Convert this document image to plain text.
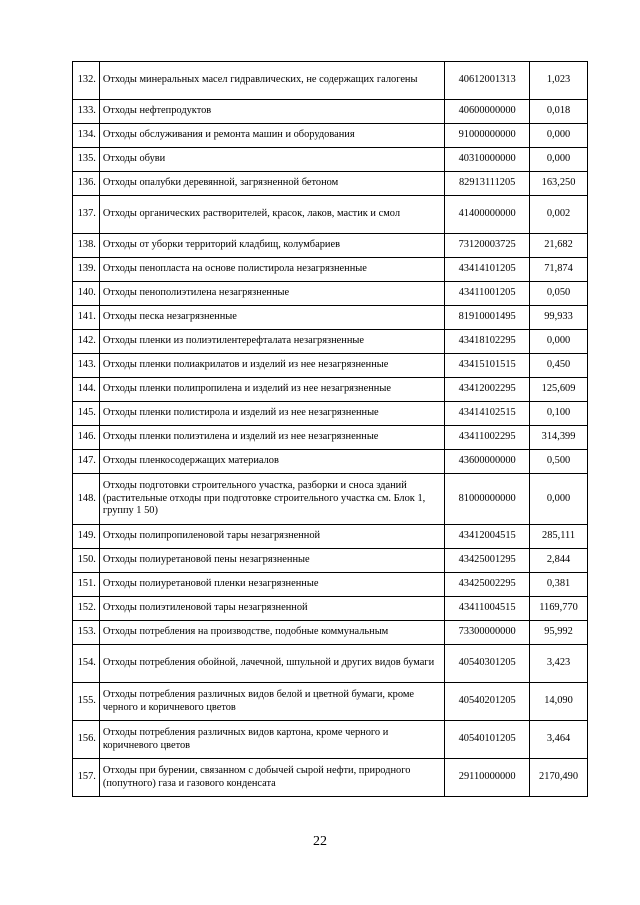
132.	Отходы минеральных масел гидравлических, не содержащих галогены	40612001313	1,023
133.	Отходы нефтепродуктов	40600000000	0,018
134.	Отходы обслуживания и ремонта машин и оборудования	91000000000	0,000
135.	Отходы обуви	40310000000	0,000
136.	Отходы опалубки деревянной, загрязненной бетоном	82913111205	163,250
137.	Отходы органических растворителей, красок, лаков, мастик и смол	41400000000	0,002
138.	Отходы от уборки территорий кладбищ, колумбариев	73120003725	21,682
139.	Отходы пенопласта на основе полистирола незагрязненные	43414101205	71,874
140.	Отходы пенополиэтилена незагрязненные	43411001205	0,050
141.	Отходы песка незагрязненные	81910001495	99,933
142.	Отходы пленки из полиэтилентерефталата незагрязненные	43418102295	0,000
143.	Отходы пленки полиакрилатов и изделий из нее незагрязненные	43415101515	0,450
144.	Отходы пленки полипропилена и изделий из нее незагрязненные	43412002295	125,609
145.	Отходы пленки полистирола и изделий из нее незагрязненные	43414102515	0,100
146.	Отходы пленки полиэтилена и изделий из нее незагрязненные	43411002295	314,399
147.	Отходы пленкосодержащих материалов	43600000000	0,500
148.	Отходы подготовки строительного участка, разборки и сноса зданий (растительные отходы при подготовке строительного участка см. Блок 1, группу 1 50)	81000000000	0,000
149.	Отходы полипропиленовой тары незагрязненной	43412004515	285,111
150.	Отходы полиуретановой пены незагрязненные	43425001295	2,844
151.	Отходы полиуретановой пленки незагрязненные	43425002295	0,381
152.	Отходы полиэтиленовой тары незагрязненной	43411004515	1169,770
153.	Отходы потребления на производстве, подобные коммунальным	73300000000	95,992
154.	Отходы потребления обойной, лачечной, шпульной и других видов бумаги	40540301205	3,423
155.	Отходы потребления различных видов белой и цветной бумаги, кроме черного и коричневого цветов	40540201205	14,090
156.	Отходы потребления различных видов картона, кроме черного и коричневого цветов	40540101205	3,464
157.	Отходы при бурении, связанном с добычей сырой нефти, природного (попутного) газа и газового конденсата	29110000000	2170,490
22
